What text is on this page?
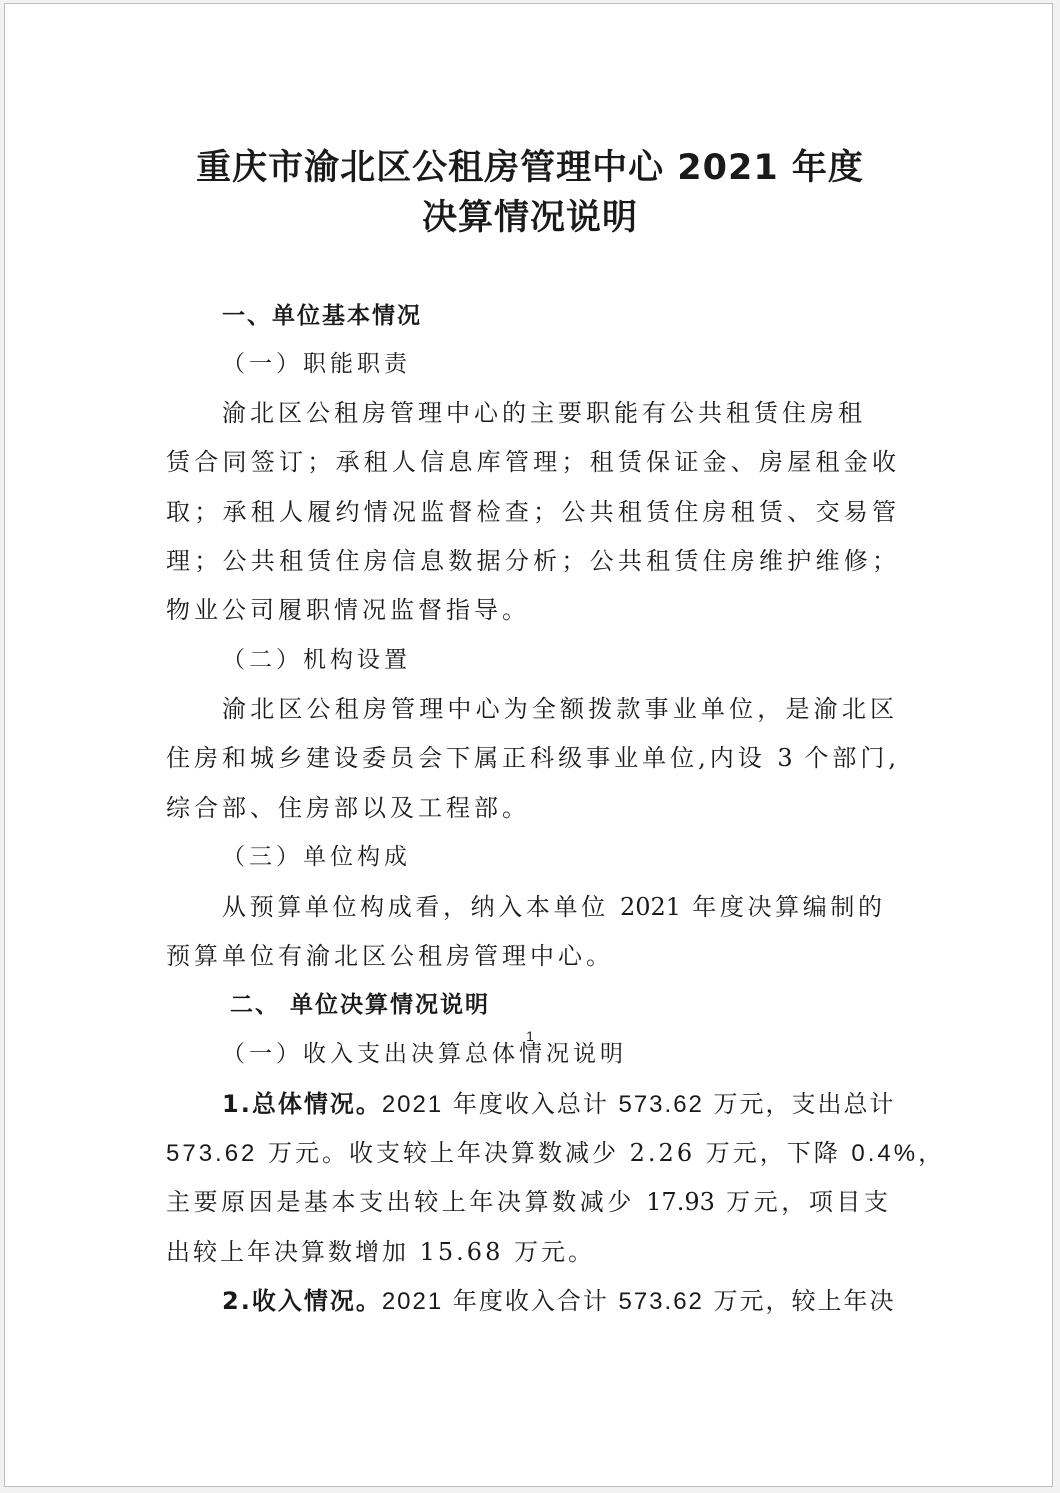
重庆市渝北区公租房管理中心 2021 年度
决算情况说明
一、单位基本情况
（一）职能职责
渝北区公租房管理中心的主要职能有公共租赁住房租
赁合同签订；承租人信息库管理；租赁保证金、房屋租金收
取；承租人履约情况监督检查；公共租赁住房租赁、交易管
理；公共租赁住房信息数据分析；公共租赁住房维护维修；
物业公司履职情况监督指导。
（二）机构设置
渝北区公租房管理中心为全额拨款事业单位，是渝北区
住房和城乡建设委员会下属正科级事业单位,内设 3 个部门,
综合部、住房部以及工程部。
（三）单位构成
从预算单位构成看，纳入本单位 2021 年度决算编制的
预算单位有渝北区公租房管理中心。
二、 单位决算情况说明
（一）收入支出决算总体情况说明
1.总体情况。2021 年度收入总计 573.62 万元，支出总计
573.62 万元。收支较上年决算数减少 2.26 万元，下降 0.4%，
主要原因是基本支出较上年决算数减少 17.93 万元，项目支
出较上年决算数增加 15.68 万元。
2.收入情况。2021 年度收入合计 573.62 万元，较上年决
1
